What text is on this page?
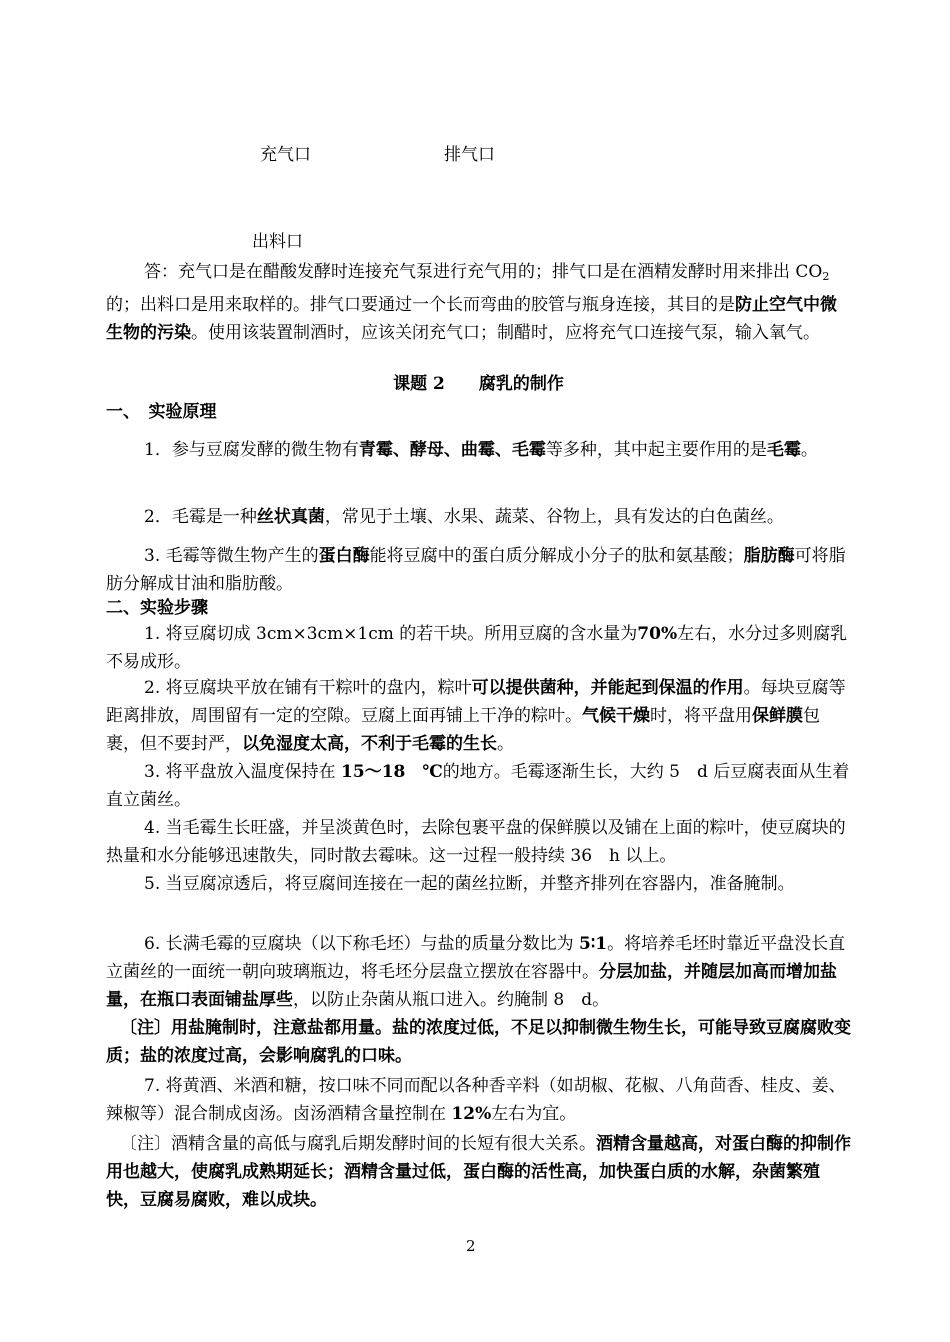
充气口	排气口
出料口
答：充气口是在醋酸发酵时连接充气泵进行充气用的；排气口是在酒精发酵时用来排出 $CO_2$的；出料口是用来取样的。排气口要通过一个长而弯曲的胶管与瓶身连接，其目的是防止空气中微生物的污染。使用该装置制酒时，应该关闭充气口；制醋时，应将充气口连接气泵，输入氧气。
课题 2　　腐乳的制作
一、　实验原理
1．参与豆腐发酵的微生物有青霉、酵母、曲霉、毛霉等多种，其中起主要作用的是毛霉。
2．毛霉是一种丝状真菌，常见于土壤、水果、蔬菜、谷物上，具有发达的白色菌丝。
3. 毛霉等微生物产生的蛋白酶能将豆腐中的蛋白质分解成小分子的肽和氨基酸；脂肪酶可将脂肪分解成甘油和脂肪酸。
二、实验步骤
1. 将豆腐切成 3cm×3cm×1cm 的若干块。所用豆腐的含水量为70%左右，水分过多则腐乳不易成形。
2. 将豆腐块平放在铺有干粽叶的盘内，粽叶可以提供菌种，并能起到保温的作用。每块豆腐等距离排放，周围留有一定的空隙。豆腐上面再铺上干净的粽叶。气候干燥时，将平盘用保鲜膜包裹，但不要封严，以免湿度太高，不利于毛霉的生长。
3. 将平盘放入温度保持在 15～18　℃的地方。毛霉逐渐生长，大约 5　d 后豆腐表面从生着直立菌丝。
4. 当毛霉生长旺盛，并呈淡黄色时，去除包裹平盘的保鲜膜以及铺在上面的粽叶，使豆腐块的热量和水分能够迅速散失，同时散去霉味。这一过程一般持续 36　h 以上。
5. 当豆腐凉透后，将豆腐间连接在一起的菌丝拉断，并整齐排列在容器内，准备腌制。
6. 长满毛霉的豆腐块（以下称毛坯）与盐的质量分数比为 5∶1。将培养毛坯时靠近平盘没长直立菌丝的一面统一朝向玻璃瓶边，将毛坯分层盘立摆放在容器中。分层加盐，并随层加高而增加盐量，在瓶口表面铺盐厚些，以防止杂菌从瓶口进入。约腌制 8　d。
〔注〕用盐腌制时，注意盐都用量。盐的浓度过低，不足以抑制微生物生长，可能导致豆腐腐败变质；盐的浓度过高，会影响腐乳的口味。
7. 将黄酒、米酒和糖，按口味不同而配以各种香辛料（如胡椒、花椒、八角茴香、桂皮、姜、辣椒等）混合制成卤汤。卤汤酒精含量控制在 12%左右为宜。
〔注〕酒精含量的高低与腐乳后期发酵时间的长短有很大关系。酒精含量越高，对蛋白酶的抑制作用也越大，使腐乳成熟期延长；酒精含量过低，蛋白酶的活性高，加快蛋白质的水解，杂菌繁殖快，豆腐易腐败，难以成块。
2
